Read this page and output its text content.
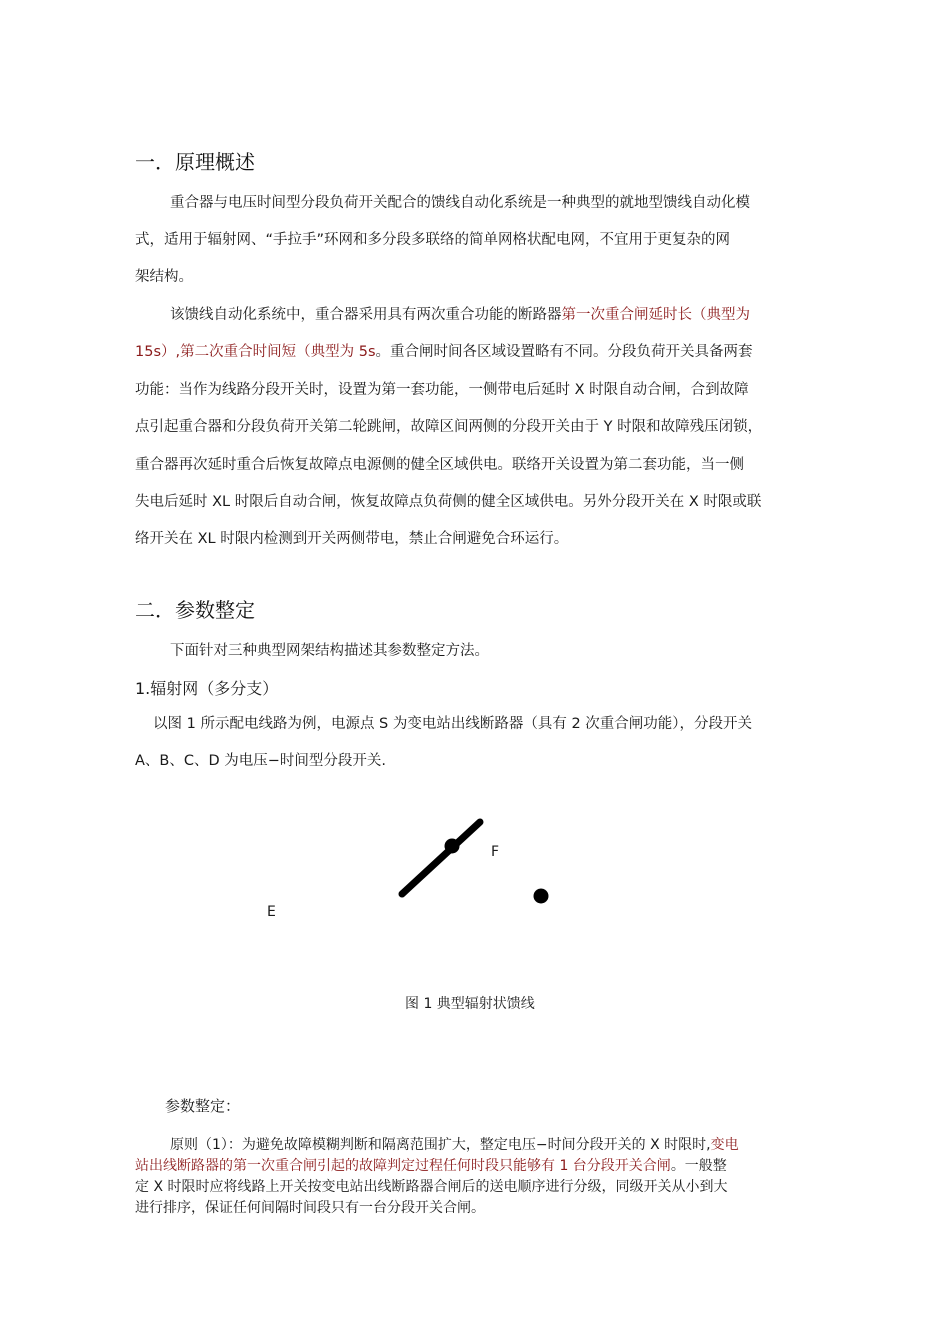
一．原理概述
重合器与电压时间型分段负荷开关配合的馈线自动化系统是一种典型的就地型馈线自动化模
式，适用于辐射网、“手拉手”环网和多分段多联络的简单网格状配电网，不宜用于更复杂的网
架结构。
该馈线自动化系统中，重合器采用具有两次重合功能的断路器第一次重合闸延时长（典型为
15s）,第二次重合时间短（典型为 5s。重合闸时间各区域设置略有不同。分段负荷开关具备两套
功能：当作为线路分段开关时，设置为第一套功能，一侧带电后延时 X 时限自动合闸，合到故障
点引起重合器和分段负荷开关第二轮跳闸，故障区间两侧的分段开关由于 Y 时限和故障残压闭锁，
重合器再次延时重合后恢复故障点电源侧的健全区域供电。联络开关设置为第二套功能，当一侧
失电后延时 XL 时限后自动合闸，恢复故障点负荷侧的健全区域供电。另外分段开关在 X 时限或联
络开关在 XL 时限内检测到开关两侧带电，禁止合闸避免合环运行。
二．参数整定
下面针对三种典型网架结构描述其参数整定方法。
1.辐射网（多分支）
以图 1 所示配电线路为例，电源点 S 为变电站出线断路器（具有 2 次重合闸功能），分段开关
A、B、C、D 为电压−时间型分段开关.
F
E
图 1 典型辐射状馈线
参数整定：
原则（1）：为避免故障模糊判断和隔离范围扩大，整定电压−时间分段开关的 X 时限时,变电
站出线断路器的第一次重合闸引起的故障判定过程任何时段只能够有 1 台分段开关合闸。一般整
定 X 时限时应将线路上开关按变电站出线断路器合闸后的送电顺序进行分级，同级开关从小到大
进行排序，保证任何间隔时间段只有一台分段开关合闸。
